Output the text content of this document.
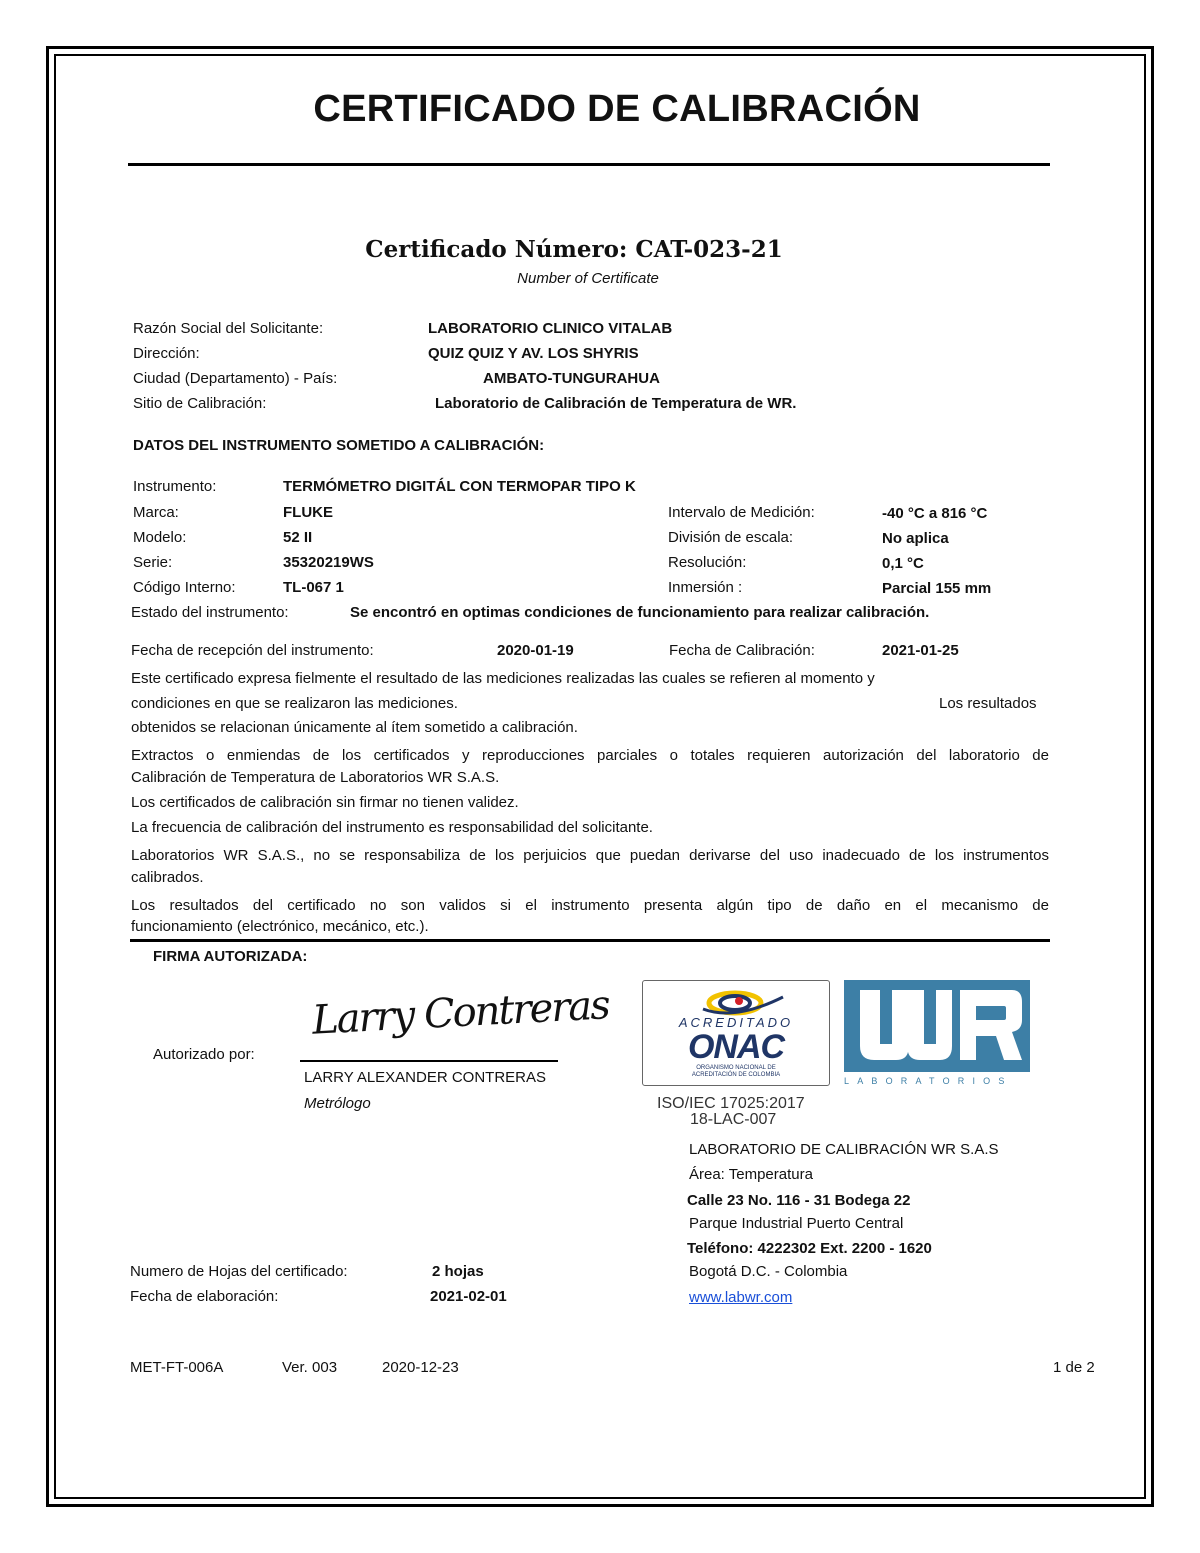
CERTIFICADO DE CALIBRACIÓN
Certificado Número: CAT-023-21
Number of Certificate
Razón Social del Solicitante:	LABORATORIO CLINICO VITALAB
Dirección:	QUIZ QUIZ Y AV. LOS SHYRIS
Ciudad (Departamento) - País:	AMBATO-TUNGURAHUA
Sitio de Calibración:	Laboratorio de Calibración de Temperatura de WR.
DATOS DEL INSTRUMENTO SOMETIDO A CALIBRACIÓN:
Instrumento:	TERMÓMETRO DIGITÁL CON TERMOPAR TIPO K
Marca:	FLUKE	Intervalo de Medición:	-40 °C a 816 °C
Modelo:	52 II	División de escala:	No aplica
Serie:	35320219WS	Resolución:	0,1 °C
Código Interno:	TL-067 1	Inmersión :	Parcial 155 mm
Estado del instrumento:	Se encontró en optimas condiciones de funcionamiento para realizar calibración.
Fecha de recepción del instrumento:	2020-01-19	Fecha de Calibración:	2021-01-25
Este certificado expresa fielmente el resultado de las mediciones realizadas las cuales se refieren al momento y
condiciones en que se realizaron las mediciones.	Los resultados
obtenidos se relacionan únicamente al ítem sometido a calibración.
Extractos o enmiendas de los certificados y reproducciones parciales o totales requieren autorización del laboratorio de
Calibración de Temperatura de Laboratorios WR S.A.S.
Los certificados de calibración sin firmar no tienen validez.
La frecuencia de calibración del instrumento es responsabilidad del solicitante.
Laboratorios WR S.A.S., no se responsabiliza de los perjuicios que puedan derivarse del uso inadecuado de los instrumentos
calibrados.
Los resultados del certificado no son validos si el instrumento presenta algún tipo de daño en el mecanismo de
funcionamiento (electrónico, mecánico, etc.).
FIRMA AUTORIZADA:
Autorizado por:
Larry Contreras
LARRY ALEXANDER CONTRERAS
Metrólogo
ACREDITADO
ONAC
ORGANISMO NACIONAL DE
ACREDITACIÓN DE COLOMBIA
ISO/IEC 17025:2017
18-LAC-007
LABORATORIOS
LABORATORIO DE CALIBRACIÓN WR S.A.S
Área: Temperatura
Calle 23 No. 116 - 31 Bodega 22
Parque Industrial Puerto Central
Teléfono: 4222302 Ext. 2200 - 1620
Bogotá D.C. - Colombia
www.labwr.com
Numero de Hojas del certificado:	2 hojas
Fecha de elaboración:	2021-02-01
MET-FT-006A	Ver. 003	2020-12-23	1 de 2
